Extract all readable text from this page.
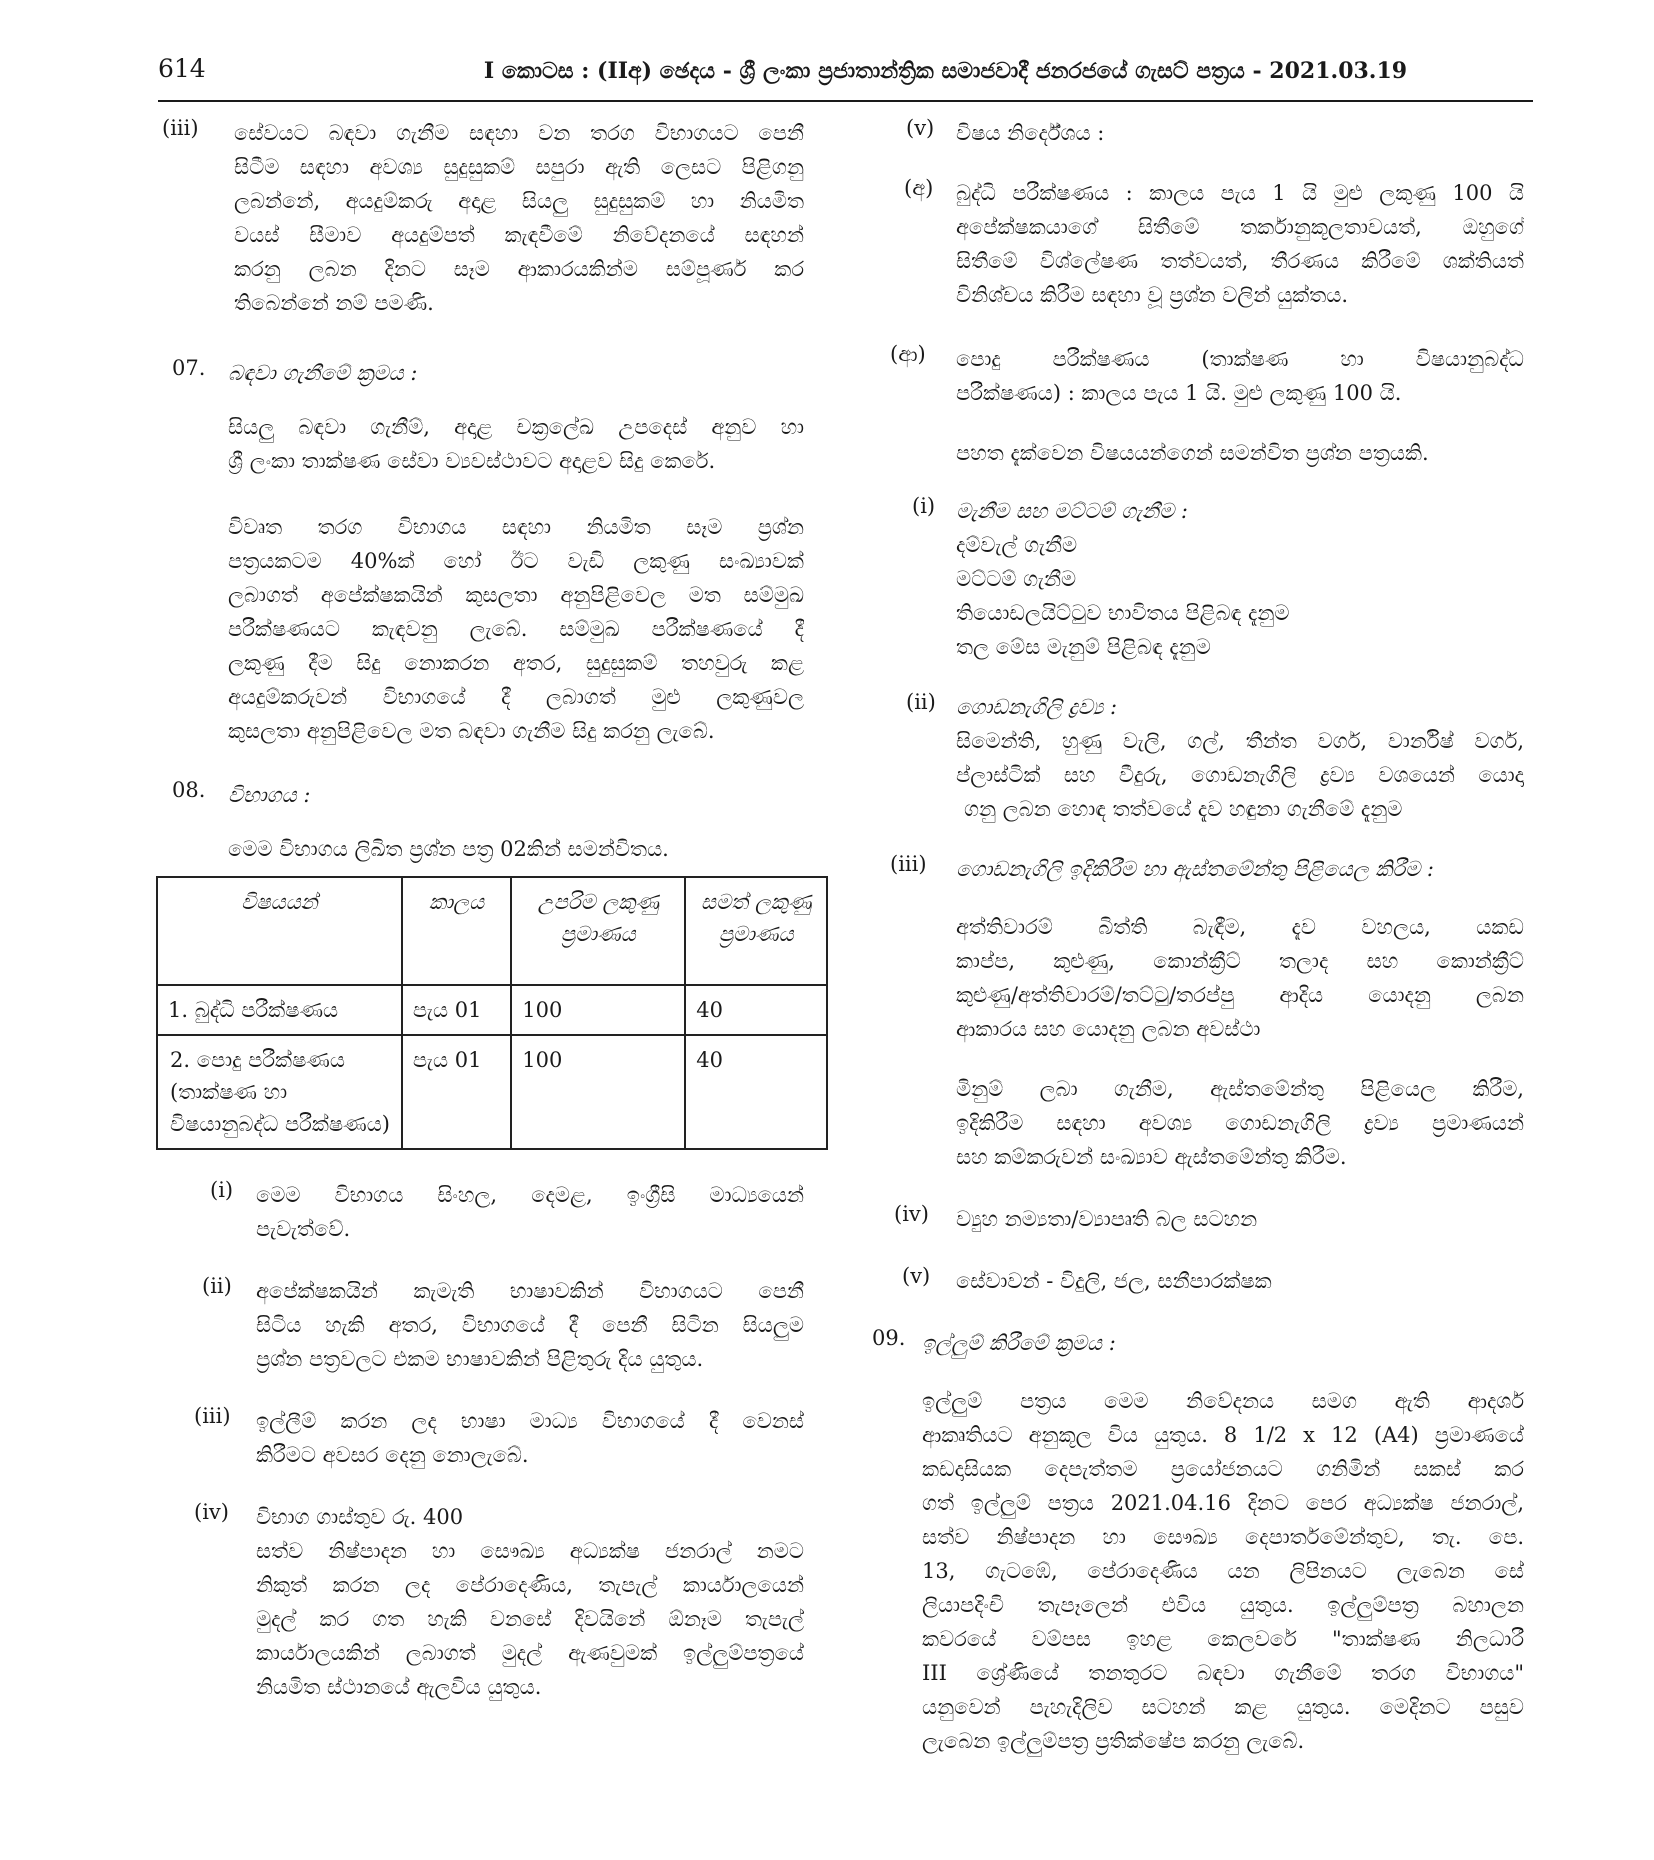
614	I කොටස : (IIඅ) ඡෙදය - ශ්‍රී ලංකා ප්‍රජාතාන්ත්‍රික සමාජවාදී ජනරජයේ ගැසට් පත්‍රය - 2021.03.19
(iii) සේවයට බඳවා ගැනීම සඳහා වන තරග විභාගයට පෙනී
සිටීම සඳහා අවශ්‍ය සුදුසුකම් සපුරා ඇති ලෙසට පිළිගනු
ලබන්නේ, අයදුම්කරු අදාළ සියලු සුදුසුකම් හා නියමිත
වයස් සීමාව අයදුම්පත් කැඳවීමේ නිවේදනයේ සඳහන්
කරනු ලබන දිනට සෑම ආකාරයකින්ම සම්පූර්ණ කර
තිබෙන්නේ නම් පමණි.
07. බඳවා ගැනීමේ ක්‍රමය :
සියලු බඳවා ගැනීම්, අදාළ චක්‍රලේඛ උපදෙස් අනුව හා
ශ්‍රී ලංකා තාක්ෂණ සේවා ව්‍යවස්ථාවට අදාළව සිදු කෙරේ.
විවෘත තරග විභාගය සඳහා නියමිත සෑම ප්‍රශ්න
පත්‍රයකටම 40%ක් හෝ ඊට වැඩි ලකුණු සංඛ්‍යාවක්
ලබාගත් අපේක්ෂකයින් කුසලතා අනුපිළිවෙල මත සම්මුඛ
පරීක්ෂණයට කැඳවනු ලැබේ. සම්මුඛ පරීක්ෂණයේ දී
ලකුණු දීම සිදු නොකරන අතර, සුදුසුකම් තහවුරු කළ
අයදුම්කරුවන් විභාගයේ දී ලබාගත් මුළු ලකුණුවල
කුසලතා අනුපිළිවෙල මත බඳවා ගැනීම සිදු කරනු ලැබේ.
08. විභාගය :
මෙම විභාගය ලිඛිත ප්‍රශ්න පත්‍ර 02කින් සමන්විතය.
විෂයයන්	කාලය	උපරිම ලකුණු ප්‍රමාණය	සමත් ලකුණු ප්‍රමාණය
1. බුද්ධි පරීක්ෂණය	පැය 01	100	40
2. පොදු පරීක්ෂණය (තාක්ෂණ හා විෂයානුබද්ධ පරීක්ෂණය)	පැය 01	100	40
(i) මෙම විභාගය සිංහල, දෙමළ, ඉංග්‍රීසි මාධ්‍යයෙන්
පැවැත්වේ.
(ii) අපේක්ෂකයින් කැමැති භාෂාවකින් විභාගයට පෙනී
සිටිය හැකි අතර, විභාගයේ දී පෙනී සිටින සියලුම
ප්‍රශ්න පත්‍රවලට එකම භාෂාවකින් පිළිතුරු දිය යුතුය.
(iii) ඉල්ලීම් කරන ලද භාෂා මාධ්‍ය විභාගයේ දී වෙනස්
කිරීමට අවසර දෙනු නොලැබේ.
(iv) විභාග ගාස්තුව රු. 400
සත්ව නිෂ්පාදන හා සෞඛ්‍ය අධ්‍යක්ෂ ජනරාල් නමට
නිකුත් කරන ලද පේරාදෙණිය, තැපැල් කාර්යාලයෙන්
මුදල් කර ගත හැකි වනසේ දිවයිනේ ඕනෑම තැපැල්
කාර්යාලයකින් ලබාගත් මුදල් ඇණවුමක් ඉල්ලුම්පත්‍රයේ
නියමිත ස්ථානයේ ඇලවිය යුතුය.
(v) විෂය නිර්දේශය :
(අ) බුද්ධි පරීක්ෂණය : කාලය පැය 1 යි මුළු ලකුණු 100 යි
අපේක්ෂකයාගේ සිතීමේ තර්කානුකූලතාවයත්, ඔහුගේ
සිතීමේ විශ්ලේෂණ තත්වයත්, තීරණය කිරීමේ ශක්තියත්
විනිශ්චය කිරීම සඳහා වූ ප්‍රශ්න වලින් යුක්තය.
(ආ) පොදු පරීක්ෂණය (තාක්ෂණ හා විෂයානුබද්ධ
පරීක්ෂණය) : කාලය පැය 1 යි. මුළු ලකුණු 100 යි.
පහත දැක්වෙන විෂයයන්ගෙන් සමන්විත ප්‍රශ්න පත්‍රයකි.
(i) මැනීම සහ මට්ටම් ගැනීම :
දම්වැල් ගැනීම
මට්ටම් ගැනීම
තියොඩලයිට්ටුව භාවිතය පිළිබඳ දැනුම
තල මේස මැනුම් පිළිබඳ දැනුම
(ii) ගොඩනැගිලි ද්‍රව්‍ය :
සිමෙන්ති, හුණු වැලි, ගල්, තීන්ත වර්ග, වාර්නිෂ් වර්ග,
ප්ලාස්ටික් සහ වීදුරු, ගොඩනැගිලි ද්‍රව්‍ය වශයෙන් යොදා
ගනු ලබන හොඳ තත්වයේ දැව හඳුනා ගැනීමේ දැනුම
(iii) ගොඩනැගිලි ඉදිකිරීම හා ඇස්තමේන්තු පිළියෙල කිරීම :
අත්තිවාරම් බිත්ති බැඳීම, දැව වහලය, යකඩ
කාප්ප, කුළුණු, කොන්ක්‍රීට් තලාද සහ කොන්ක්‍රීට්
කුළුණු/අත්තිවාරම්/තට්ටු/තරප්පු ආදිය යොදනු ලබන
ආකාරය සහ යොදනු ලබන අවස්ථා
මිනුම් ලබා ගැනීම, ඇස්තමේන්තු පිළියෙල කිරීම,
ඉදිකිරීම සඳහා අවශ්‍ය ගොඩනැගිලි ද්‍රව්‍ය ප්‍රමාණයන්
සහ කම්කරුවන් සංඛ්‍යාව ඇස්තමේන්තු කිරීම.
(iv) ව්‍යුහ නම්‍යතා/ව්‍යාපෘති බල සටහන
(v) සේවාවන් - විදුලි, ජල, සනීපාරක්ෂක
09. ඉල්ලුම් කිරීමේ ක්‍රමය :
ඉල්ලුම් පත්‍රය මෙම නිවේදනය සමග ඇති ආදර්ශ
ආකෘතියට අනුකූල විය යුතුය. 8 1/2 x 12 (A4) ප්‍රමාණයේ
කඩදාසියක දෙපැත්තම ප්‍රයෝජනයට ගනිමින් සකස් කර
ගත් ඉල්ලුම් පත්‍රය 2021.04.16 දිනට පෙර අධ්‍යක්ෂ ජනරාල්,
සත්ව නිෂ්පාදන හා සෞඛ්‍ය දෙපාර්තමේන්තුව, තැ. පෙ.
13, ගැටඹේ, පේරාදෙණිය යන ලිපිනයට ලැබෙන සේ
ලියාපදිංචි තැපෑලෙන් එවිය යුතුය. ඉල්ලුම්පත්‍ර බහාලන
කවරයේ වම්පස ඉහළ කෙලවරේ "තාක්ෂණ නිලධාරී
III ශ්‍රේණියේ තනතුරට බඳවා ගැනීමේ තරග විභාගය"
යනුවෙන් පැහැදිලිව සටහන් කළ යුතුය. මෙදිනට පසුව
ලැබෙන ඉල්ලුම්පත්‍ර ප්‍රතික්ෂේප කරනු ලැබේ.
